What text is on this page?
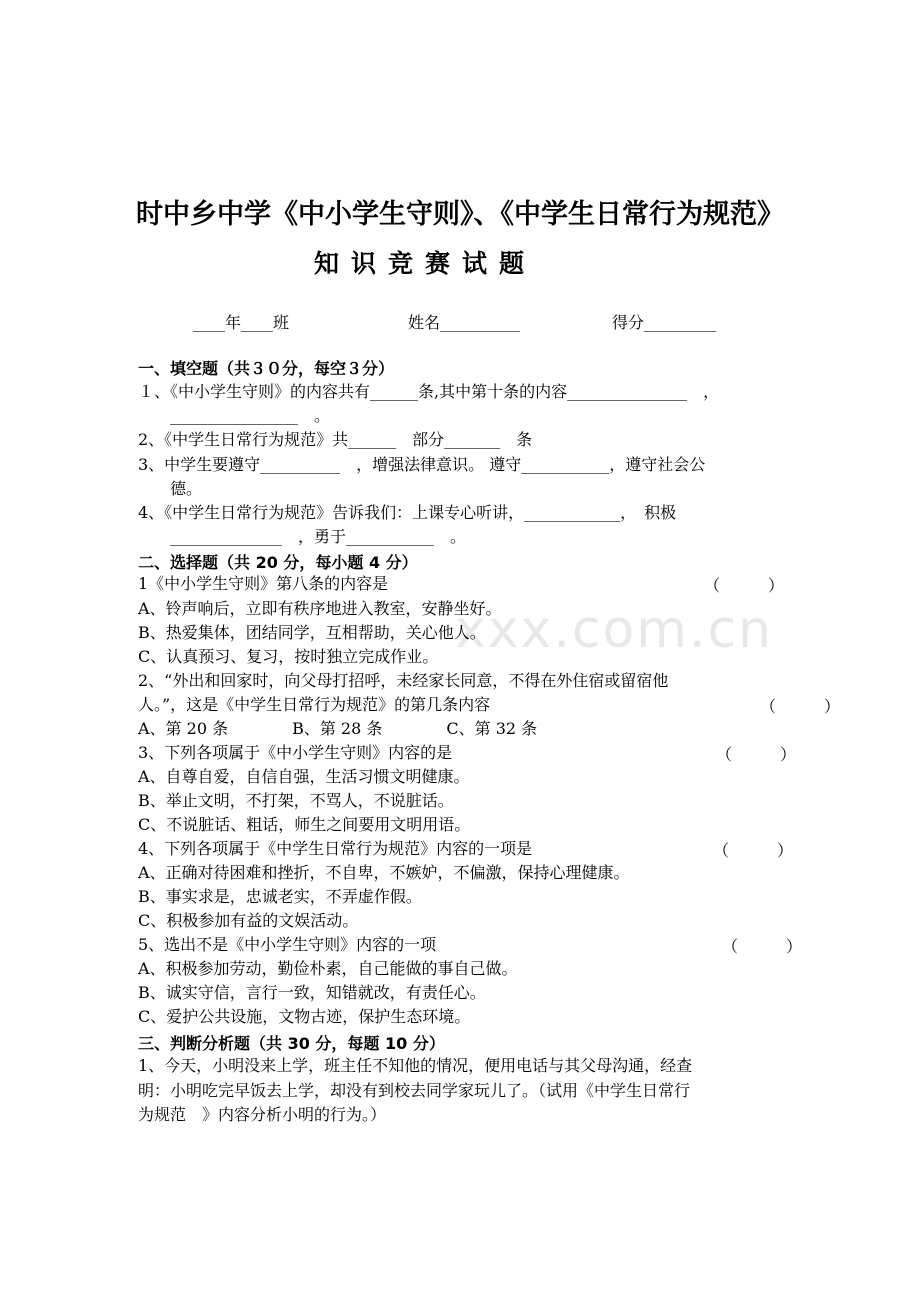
xxx.com.cn
时中乡中学《中小学生守则》、《中学生日常行为规范》
知识竞赛试题
____年____班	姓名__________	得分_________
一、填空题（共３０分，每空３分）
１、《中小学生守则》的内容共有______条,其中第十条的内容_______________　，
　　________________　。
2、《中学生日常行为规范》共______　部分_______　条
3、中学生要遵守__________　，增强法律意识。 遵守___________，遵守社会公
　　德。
4、《中学生日常行为规范》告诉我们：上课专心听讲，____________，　积极
　　______________　，勇于___________　。
二、选择题（共 20 分，每小题 4 分）
1《中小学生守则》第八条的内容是	（　　　）
A、铃声响后，立即有秩序地进入教室，安静坐好。
B、热爱集体，团结同学，互相帮助，关心他人。
C、认真预习、复习，按时独立完成作业。
2、“外出和回家时，向父母打招呼，未经家长同意，不得在外住宿或留宿他
人。”，这是《中学生日常行为规范》的第几条内容	（　　　）
A、第 20 条　　　　B、第 28 条　　　　C、第 32 条
3、下列各项属于《中小学生守则》内容的是	（　　　）
A、自尊自爱，自信自强，生活习惯文明健康。
B、举止文明，不打架，不骂人，不说脏话。
C、不说脏话、粗话，师生之间要用文明用语。
4、下列各项属于《中学生日常行为规范》内容的一项是	（　　　）
A、正确对待困难和挫折，不自卑，不嫉妒，不偏激，保持心理健康。
B、事实求是，忠诚老实，不弄虚作假。
C、积极参加有益的文娱活动。
5、选出不是《中小学生守则》内容的一项	（　　　）
A、积极参加劳动，勤俭朴素，自己能做的事自己做。
B、诚实守信，言行一致，知错就改，有责任心。
C、爱护公共设施，文物古迹，保护生态环境。
三、判断分析题（共 30 分，每题 10 分）
1、今天，小明没来上学，班主任不知他的情况，便用电话与其父母沟通，经查
明：小明吃完早饭去上学，却没有到校去同学家玩儿了。（试用《中学生日常行
为规范　》内容分析小明的行为。）
